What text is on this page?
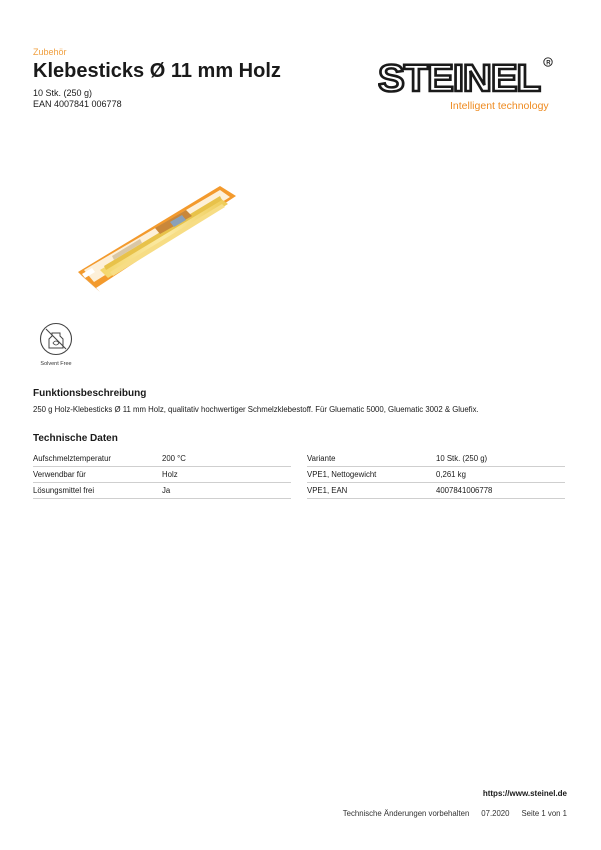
Zubehör
Klebesticks Ø 11 mm Holz
10 Stk. (250 g)
EAN 4007841 006778
STEINEL R
Intelligent technology
Solvent Free
Funktionsbeschreibung
250 g Holz-Klebesticks Ø 11 mm Holz, qualitativ hochwertiger Schmelzklebestoff. Für Gluematic 5000, Gluematic 3002 & Gluefix.
Technische Daten
Aufschmelztemperatur	200 °C
Verwendbar für	Holz
Lösungsmittel frei	Ja
Variante	10 Stk. (250 g)
VPE1, Nettogewicht	0,261 kg
VPE1, EAN	4007841006778
https://www.steinel.de
Technische Änderungen vorbehalten 07.2020 Seite 1 von 1
